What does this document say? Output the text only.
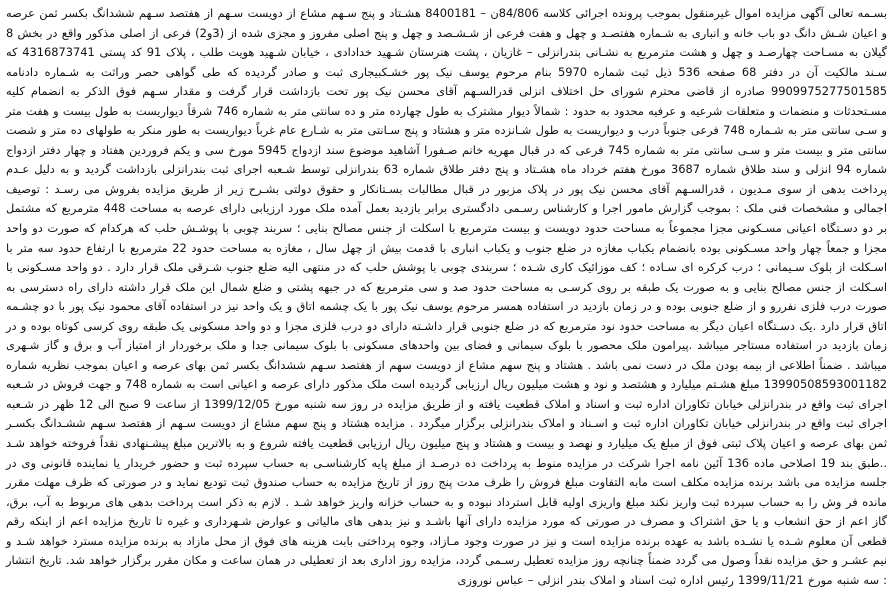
بسـمه تعالی آگهی مزایده اموال غیرمنقول بموجب پرونده اجرائی کلاسه 84/806ن – 8400181 هشـتاد و پنج سـهم مشاع از دویست سـهم از هفتصد سـهم ششدانگ بکسر ثمن عرصه و اعیان شـش دانگ دو باب خانه و انباری به شـماره هفتصـد و چهل و هفت فرعی از شـشـصد و چهل و پنج اصلی مفروز و مجزی شده از (3و2) فرعی از اصلی مذکور واقع در بخش 8 گیلان به مسـاحت چهارصـد و چهل و هشت مترمربع به نشـانی بندرانزلی – غازیان ، پشت هنرستان شـهید خدادادی ، خیابان شـهید هویت طلب ، پلاک 91 کد پستی 4316873741 که سـند مالکیت آن در دفتر 68 صفحه 536 ذیل ثبت شماره 5970 بنام مرحوم یوسف نیک پور خشـکبیجاری ثبت و صادر گردیده که طی گواهی حصر وراثت به شـماره دادنامه 9909975277501585 صادره از قاضی محترم شورای حل اختلاف انزلی قدرالسـهم آقای محسن نیک پور تحت بازداشت قرار گرفت و مقدار سـهم فوق الذکر به انضمام کلیه مسـتحدثات و منضمات و متعلقات شرعیه و عرفیه محدود به حدود : شمالاً دیوار مشترک به طول چهارده متر و ده سانتی متر به شماره 746 شرقاً دیواریست به طول بیست و هفت متر و سـی سانتی متر به شـماره 748 فرعی جنوباً درب و دیواریست به طول شـانزده متر و هشتاد و پنج سـانتی متر به شـارع عام غرباً دیواریست به طور منکر به طولهای ده متر و شصت سانتی متر و بیست متر و سـی سانتی متر به شماره 745 فرعی که در قبال مهریه خانم صـفورا آشاهید موضوع سند ازدواج 5945 مورخ سی و یکم فروردین هفتاد و چهار دفتر ازدواج شماره 94 انزلی و سند طلاق شماره 3687 مورخ هفتم خرداد ماه هشـتاد و پنج دفتر طلاق شماره 63 بندرانزلی توسط شـعبه اجرای ثبت بندرانزلی بازداشت گردید و به دلیل عـدم پرداخت بدهی از سوی مـدیون ، قدرالسـهم آقای محسن نیک پور در پلاک مزبور در قبال مطالبات بسـتانکار و حقوق دولتی بشـرح زیر از طریق مزایده بفروش می رسـد : توصیف اجمالی و مشخصات فنی ملک : بموجب گزارش مامور اجرا و کارشناس رسـمی دادگستری برابر بازدید بعمل آمده ملک مورد ارزیابی دارای عرصه به مساحت 448 مترمربع که مشتمل بر دو دسـتگاه اعیانی مسـکونی مجزا مجموعاً به مساحت حدود دویست و بیست مترمربع با اسکلت از جنس مصالح بنایی ؛ سربند چوبی با پوشـش حلب که هرکدام که صورت دو واحد مجزا و جمعاً چهار واحد مسـکونی بوده بانضمام یکباب مغازه در ضلع جنوب و یکباب انباری با قدمت بیش از چهل سال ، مغازه به مساحت حدود 22 مترمربع با ارتفاع حدود سه متر با اسـکلت از بلوک سـیمانی ؛ درب کرکره ای سـاده ؛ کف موزائیک کاری شـده ؛ سربندی چوبی با پوشش حلب که در منتهی الیه ضلع جنوب شـرقی ملک قرار دارد . دو واحد مسـکونی با اسـکلت از جنس مصالح بنایی و به صورت یک طبقه بر روی کرسـی به مساحت حدود صد و سی مترمربع که در جبهه پشتی و ضلع شمال این ملک قرار داشته دارای راه دسترسی به صورت درب فلزی نفررو و از ضلع جنوبی بوده و در زمان بازدید در استفاده همسر مرحوم یوسف نیک پور با یک چشمه اتاق و یک واحد نیز در استفاده آقای محمود نیک پور با دو چشـمه اتاق قرار دارد .یک دسـتگاه اعیان دیگر به مساحت حدود نود مترمربع که در ضلع جنوبی قرار داشـته دارای دو درب فلزی مجزا و دو واحد مسکونی یک طبقه روی کرسی کوتاه بوده و در زمان بازدید در استفاده مستاجر میباشد .پیرامون ملک محصور با بلوک سیمانی و فضای بین واحدهای مسکونی با بلوک سیمانی جدا و ملک برخوردار از امتیاز آب و برق و گاز شـهری میباشد . ضمناً اطلاعی از بیمه بودن ملک در دست نمی باشد . هشتاد و پنج سهم مشاع از دویست سهم از هفتصد سـهم ششدانگ بکسر ثمن بهای عرصه و اعیان بموجب نظریه شماره 13990508593001182 مبلغ هشـتم میلیارد و هشتصد و نود و هشت میلیون ریال ارزیابی گردیده است ملک مذکور دارای عرصه و اعیانی است به شماره 748 و جهت فروش در شـعبه اجرای ثبت واقع در بندرانزلی خیابان تکاوران اداره ثبت و اسناد و املاک قطعیت یافته و از طریق مزایده در روز سه شنبه مورخ 1399/12/05 از ساعت 9 صبح الی 12 ظهر در شـعبه اجرای ثبت واقع در بندرانزلی خیابان تکاوران اداره ثبت و اسـناد و املاک بندرانزلی برگزار میگردد . مزایده هشتاد و پنج سهم مشاع از دویست سـهم از هفتصد سـهم ششـدانگ بکسـر ثمن بهای عرصه و اعیان پلاک ثبتی فوق از مبلغ یک میلیارد و نهصد و بیست و هشتاد و پنج میلیون ریال ارزیابی قطعیت یافته شروع و به بالاترین مبلغ پیشـنهادی نقداً فروخته خواهد شـد ..طبق بند 19 اصلاحی ماده 136 آئین نامه اجرا شرکت در مزایده منوط به پرداخت ده درصـد از مبلغ پایه کارشناسـی به حساب سپرده ثبت و حضور خریدار یا نماینده قانونی وی در جلسه مزایده می باشد برنده مزایده مکلف است مابه التفاوت مبلغ فروش را ظرف مدت پنج روز از تاریخ مزایده به حساب صندوق ثبت تودیع نماید و در صورتی که ظرف مهلت مقرر مانده فر وش را به حساب سپرده ثبت واریز نکند مبلغ واریزی اولیه قابل استرداد نبوده و به حساب خزانه واریز خواهد شـد . لازم به ذکر است پرداخت بدهی های مربوط به آب، برق، گاز اعم از حق انشعاب و یا حق اشتراک و مصرف در صورتی که مورد مزایده دارای آنها باشـد و نیز بدهی های مالیاتی و عوارض شـهرداری و غیره تا تاریخ مزایده اعم از اینکه رقم قطعی آن معلوم شـده یا نشـده باشد به عهده برنده مزایده است و نیز در صورت وجود مـازاد، وجوه پرداختی بابت هزینه های فوق از محل مازاد به برنده مزایده مسترد خواهد شـد و نیم عشـر و حق مزایده نقداً وصول می گردد ضمناً چنانچه روز مزایده تعطیل رسـمی گردد، مزایده روز اداری بعد از تعطیلی در همان ساعت و مکان مقرر برگزار خواهد شد. تاریخ انتشار : سه شنبه مورخ 1399/11/21 رئیس اداره ثبت اسناد و املاک بندر انزلی – عباس نوروزی
